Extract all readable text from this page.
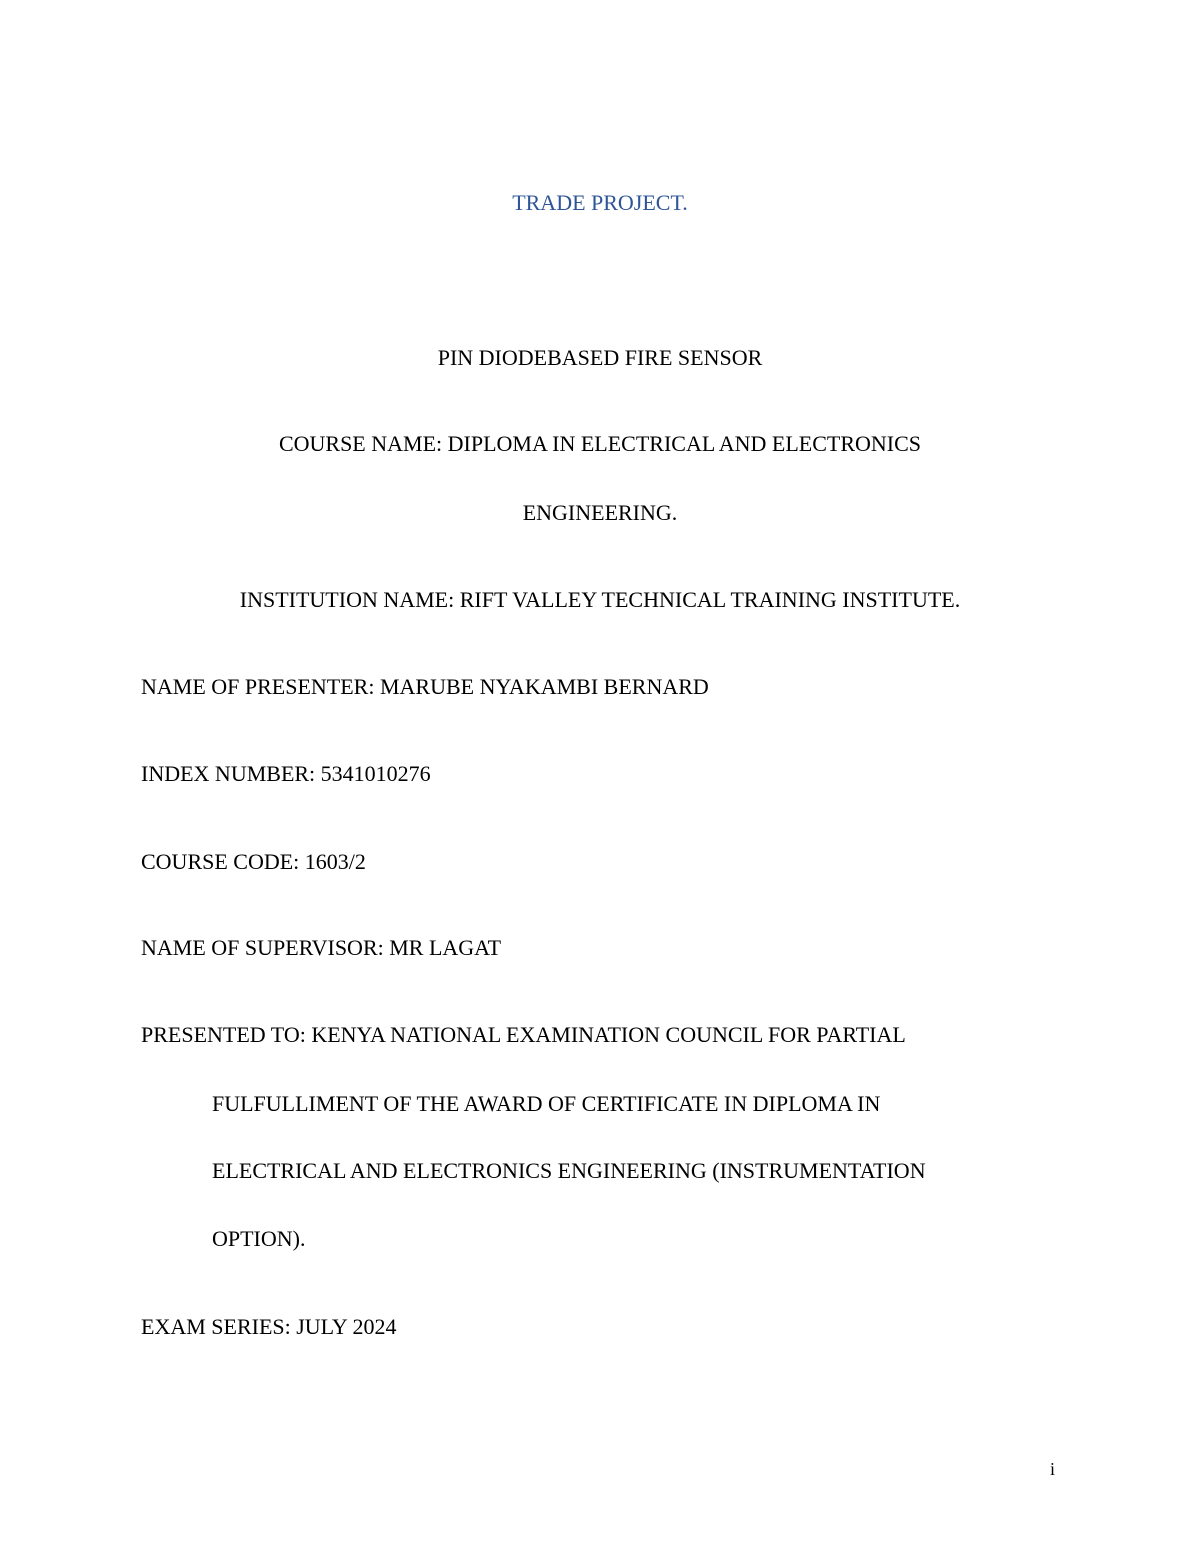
TRADE PROJECT.

PIN DIODEBASED FIRE SENSOR

COURSE NAME: DIPLOMA IN ELECTRICAL AND ELECTRONICS

ENGINEERING.

INSTITUTION NAME: RIFT VALLEY TECHNICAL TRAINING INSTITUTE.

NAME OF PRESENTER: MARUBE NYAKAMBI BERNARD

INDEX NUMBER: 5341010276

COURSE CODE: 1603/2

NAME OF SUPERVISOR: MR LAGAT

PRESENTED TO: KENYA NATIONAL EXAMINATION COUNCIL FOR PARTIAL

FULFULLIMENT OF THE AWARD OF CERTIFICATE IN DIPLOMA IN

ELECTRICAL AND ELECTRONICS ENGINEERING (INSTRUMENTATION

OPTION).

EXAM SERIES: JULY 2024

i
